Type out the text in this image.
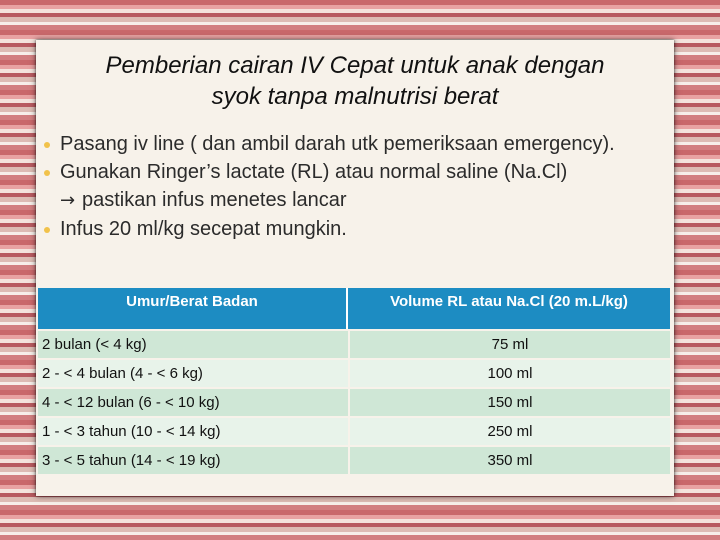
Pemberian cairan IV Cepat untuk anak dengan
syok tanpa malnutrisi berat
Pasang iv line ( dan ambil darah utk pemeriksaan emergency).
Gunakan Ringer’s lactate (RL) atau normal saline (Na.Cl)
→ pastikan infus menetes lancar
Infus 20 ml/kg secepat mungkin.
Umur/Berat Badan	Volume RL atau Na.Cl (20 m.L/kg)
2 bulan (< 4 kg)	75 ml
2 - < 4 bulan (4 - < 6 kg)	100 ml
4 - < 12 bulan (6 - < 10 kg)	150 ml
1 - < 3 tahun (10 - < 14 kg)	250 ml
3 - < 5 tahun (14 - < 19 kg)	350 ml
